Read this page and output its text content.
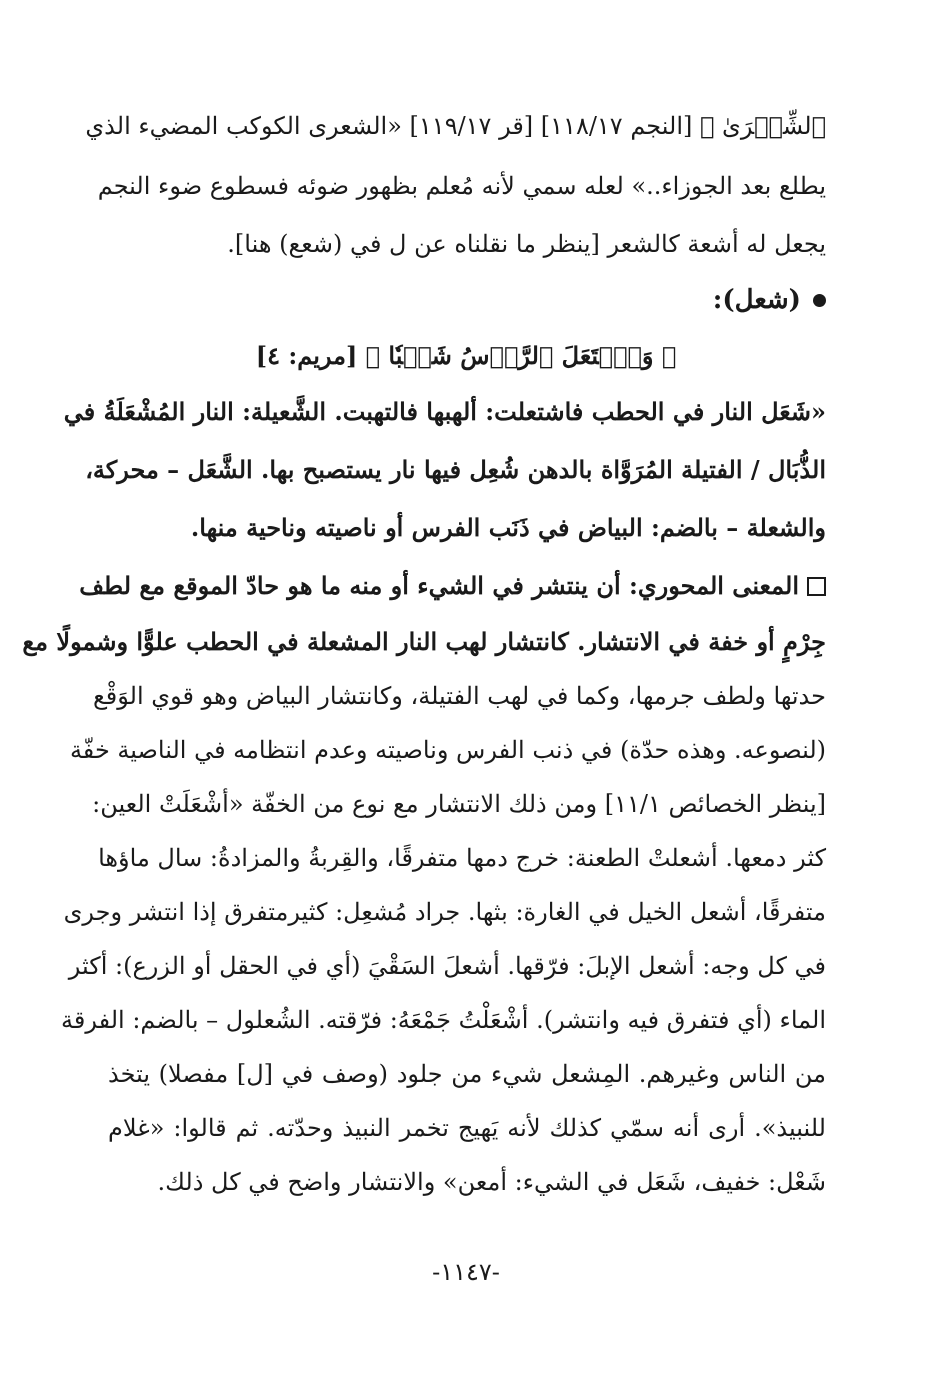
ٱلشِّعۡرَىٰ ﴾ [النجم ١١٨/١٧] [قر ١١٩/١٧] «الشعرى الكوكب المضيء الذي
يطلع بعد الجوزاء..» لعله سمي لأنه مُعلم بظهور ضوئه فسطوع ضوء النجم
يجعل له أشعة كالشعر [ينظر ما نقلناه عن ل في (شعع) هنا].
(شعل):
﴿ وَٱشۡتَعَلَ ٱلرَّأۡسُ شَيۡبٗا ﴾ [مريم: ٤]
«شَعَل النار في الحطب فاشتعلت: ألهبها فالتهبت. الشَّعيلة: النار المُشْعَلَةُ في
الذُّبَال / الفتيلة المُرَوَّاة بالدهن شُعِل فيها نار يستصبح بها. الشَّعَل – محركة،
والشعلة – بالضم: البياض في ذَنَب الفرس أو ناصيته وناحية منها.
المعنى المحوري: أن ينتشر في الشيء أو منه ما هو حادّ الموقع مع لطف
جِرْمٍ أو خفة في الانتشار. كانتشار لهب النار المشعلة في الحطب علوًّا وشمولًا مع
حدتها ولطف جرمها، وكما في لهب الفتيلة، وكانتشار البياض وهو قوي الوَقْع
(لنصوعه. وهذه حدّة) في ذنب الفرس وناصيته وعدم انتظامه في الناصية خفّة
[ينظر الخصائص ١١/١] ومن ذلك الانتشار مع نوع من الخفّة «أشْعَلَتْ العين:
كثر دمعها. أشعلتْ الطعنة: خرج دمها متفرقًا، والقِربةُ والمزادةُ: سال ماؤها
متفرقًا، أشعل الخيل في الغارة: بثها. جراد مُشعِل: كثيرمتفرق إذا انتشر وجرى
في كل وجه: أشعل الإبلَ: فرّقها. أشعلَ السَقْيَ (أي في الحقل أو الزرع): أكثر
الماء (أي فتفرق فيه وانتشر). أشْعَلْتُ جَمْعَهُ: فرّقته. الشُعلول – بالضم: الفرقة
من الناس وغيرهم. المِشعل شيء من جلود (وصف في [ل] مفصلا) يتخذ
للنبيذ». أرى أنه سمّي كذلك لأنه يَهيج تخمر النبيذ وحدّته. ثم قالوا: «غلام
شَعْل: خفيف، شَعَل في الشيء: أمعن» والانتشار واضح في كل ذلك.
-١١٤٧-
